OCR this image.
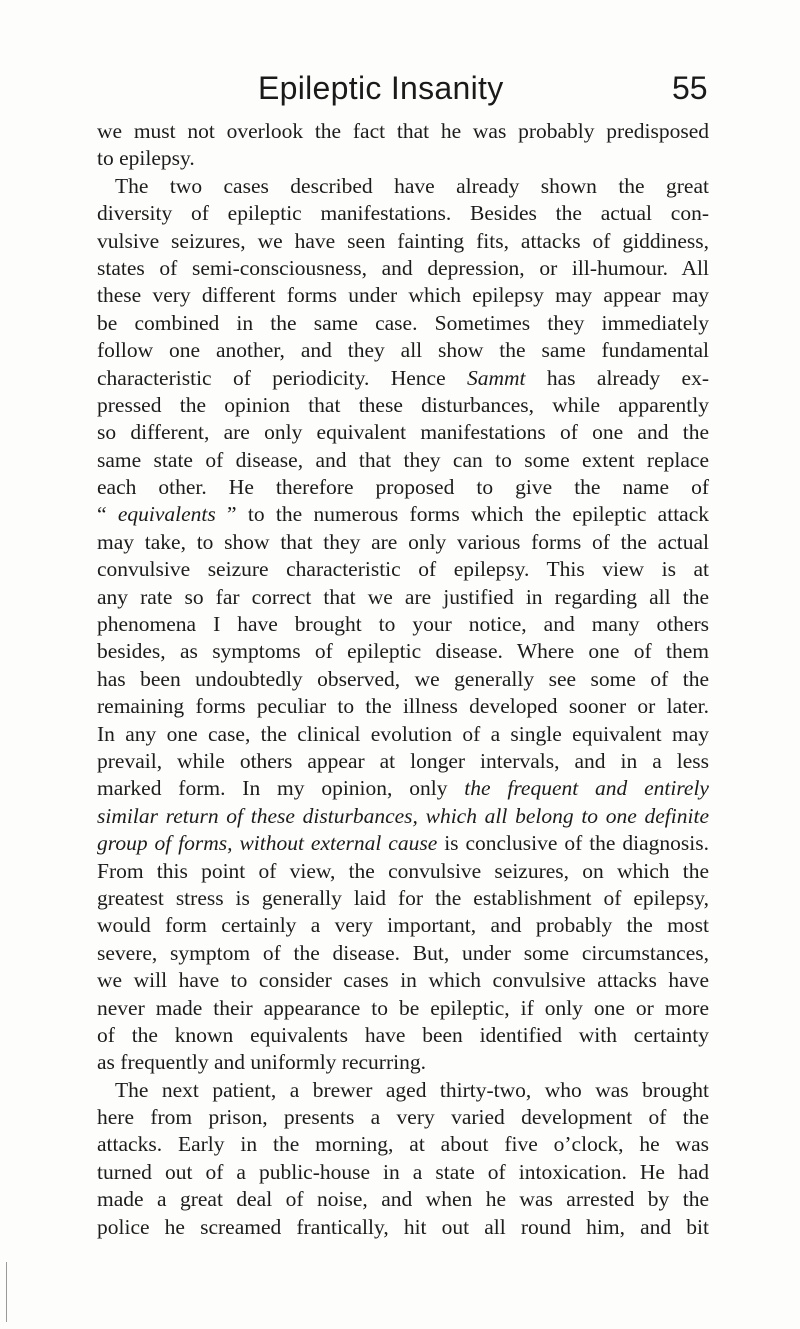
Epileptic Insanity	55
we must not overlook the fact that he was probably predisposed
to epilepsy.
The two cases described have already shown the great
diversity of epileptic manifestations. Besides the actual con-
vulsive seizures, we have seen fainting fits, attacks of giddiness,
states of semi-consciousness, and depression, or ill-humour. All
these very different forms under which epilepsy may appear may
be combined in the same case. Sometimes they immediately
follow one another, and they all show the same fundamental
characteristic of periodicity. Hence Sammt has already ex-
pressed the opinion that these disturbances, while apparently
so different, are only equivalent manifestations of one and the
same state of disease, and that they can to some extent replace
each other. He therefore proposed to give the name of
“ equivalents ” to the numerous forms which the epileptic attack
may take, to show that they are only various forms of the actual
convulsive seizure characteristic of epilepsy. This view is at
any rate so far correct that we are justified in regarding all the
phenomena I have brought to your notice, and many others
besides, as symptoms of epileptic disease. Where one of them
has been undoubtedly observed, we generally see some of the
remaining forms peculiar to the illness developed sooner or later.
In any one case, the clinical evolution of a single equivalent may
prevail, while others appear at longer intervals, and in a less
marked form. In my opinion, only the frequent and entirely
similar return of these disturbances, which all belong to one definite
group of forms, without external cause is conclusive of the diagnosis.
From this point of view, the convulsive seizures, on which the
greatest stress is generally laid for the establishment of epilepsy,
would form certainly a very important, and probably the most
severe, symptom of the disease. But, under some circumstances,
we will have to consider cases in which convulsive attacks have
never made their appearance to be epileptic, if only one or more
of the known equivalents have been identified with certainty
as frequently and uniformly recurring.
The next patient, a brewer aged thirty-two, who was brought
here from prison, presents a very varied development of the
attacks. Early in the morning, at about five o’clock, he was
turned out of a public-house in a state of intoxication. He had
made a great deal of noise, and when he was arrested by the
police he screamed frantically, hit out all round him, and bit
